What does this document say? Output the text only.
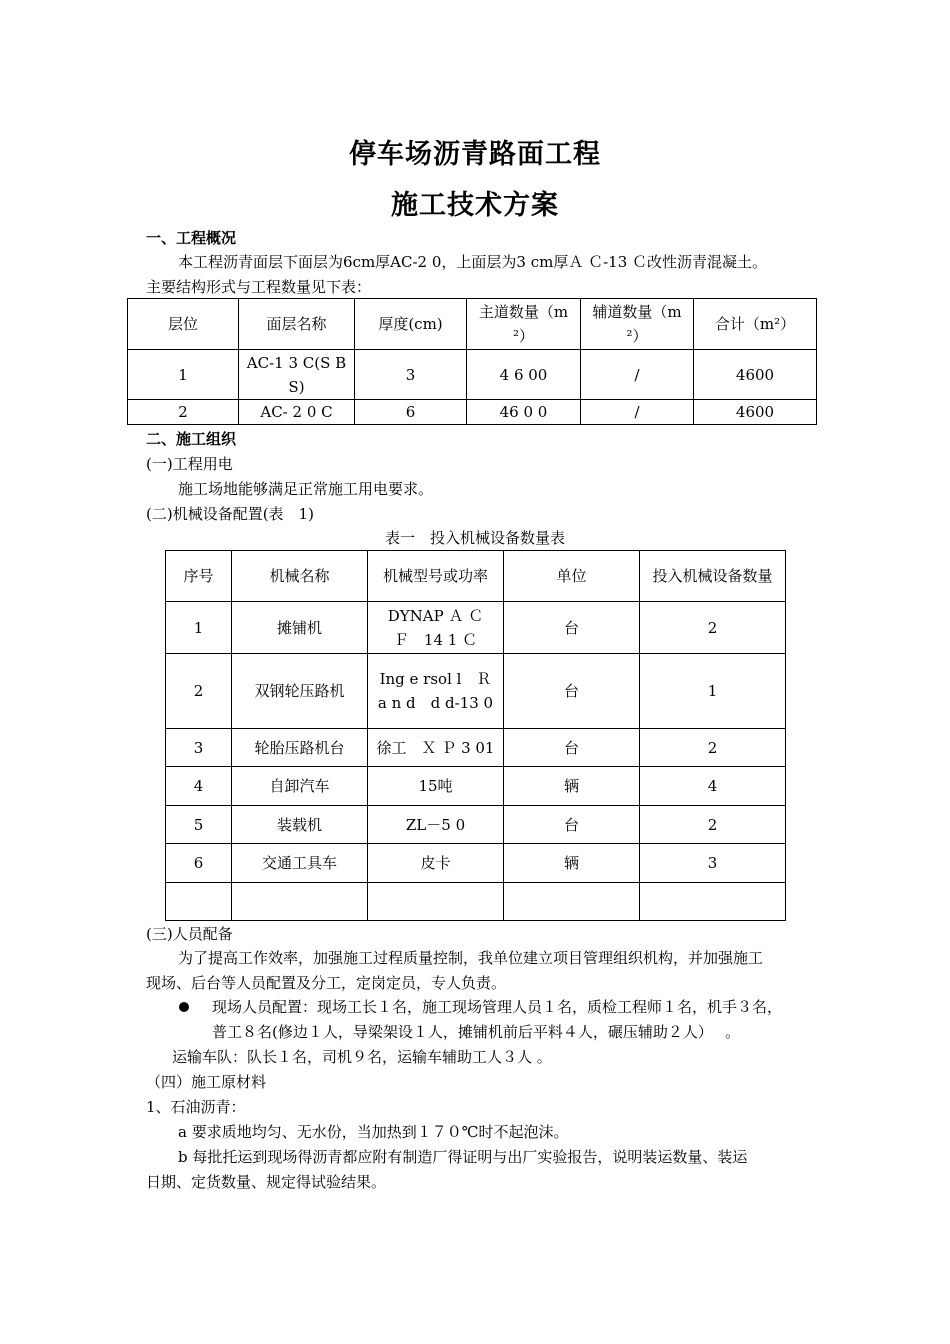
停车场沥青路面工程
施工技术方案
一、工程概况
本工程沥青面层下面层为6cm厚AC-2 0，上面层为3 cm厚Ａ Ｃ-13 Ｃ改性沥青混凝土。
主要结构形式与工程数量见下表：
层位	面层名称	厚度(cm)	主道数量（m²）	辅道数量（m²）	合计（m²）
1	AC-1 3 C(S B S)	3	4 6 00	/	4600
2	AC- 2 0 C	6	46 0 0	/	4600
二、施工组织
(一)工程用电
施工场地能够满足正常施工用电要求。
(二)机械设备配置(表　1)
表一　投入机械设备数量表
序号	机械名称	机械型号或功率	单位	投入机械设备数量
1	摊铺机	DYNAP Ａ Ｃ　Ｆ　14 1 Ｃ	台	2
2	双钢轮压路机	Ing e rsol l　Ｒ a n d　d d-13 0	台	1
3	轮胎压路机台	徐工　Ｘ Ｐ 3 01	台	2
4	自卸汽车	15吨	辆	4
5	装载机	ZL－5 0	台	2
6	交通工具车	皮卡	辆	3

(三)人员配备
为了提高工作效率，加强施工过程质量控制，我单位建立项目管理组织机构，并加强施工
现场、后台等人员配置及分工，定岗定员，专人负责。
现场人员配置：现场工长１名，施工现场管理人员１名，质检工程师１名，机手３名，
普工８名(修边１人，导梁架设１人，摊铺机前后平料４人，碾压辅助２人）　 。
运输车队：队长１名，司机９名，运输车辅助工人３人 。
（四）施工原材料
1、石油沥青：
a 要求质地均匀、无水份，当加热到１７０℃时不起泡沫。
b 每批托运到现场得沥青都应附有制造厂得证明与出厂实验报告，说明装运数量、装运
日期、定货数量、规定得试验结果。
